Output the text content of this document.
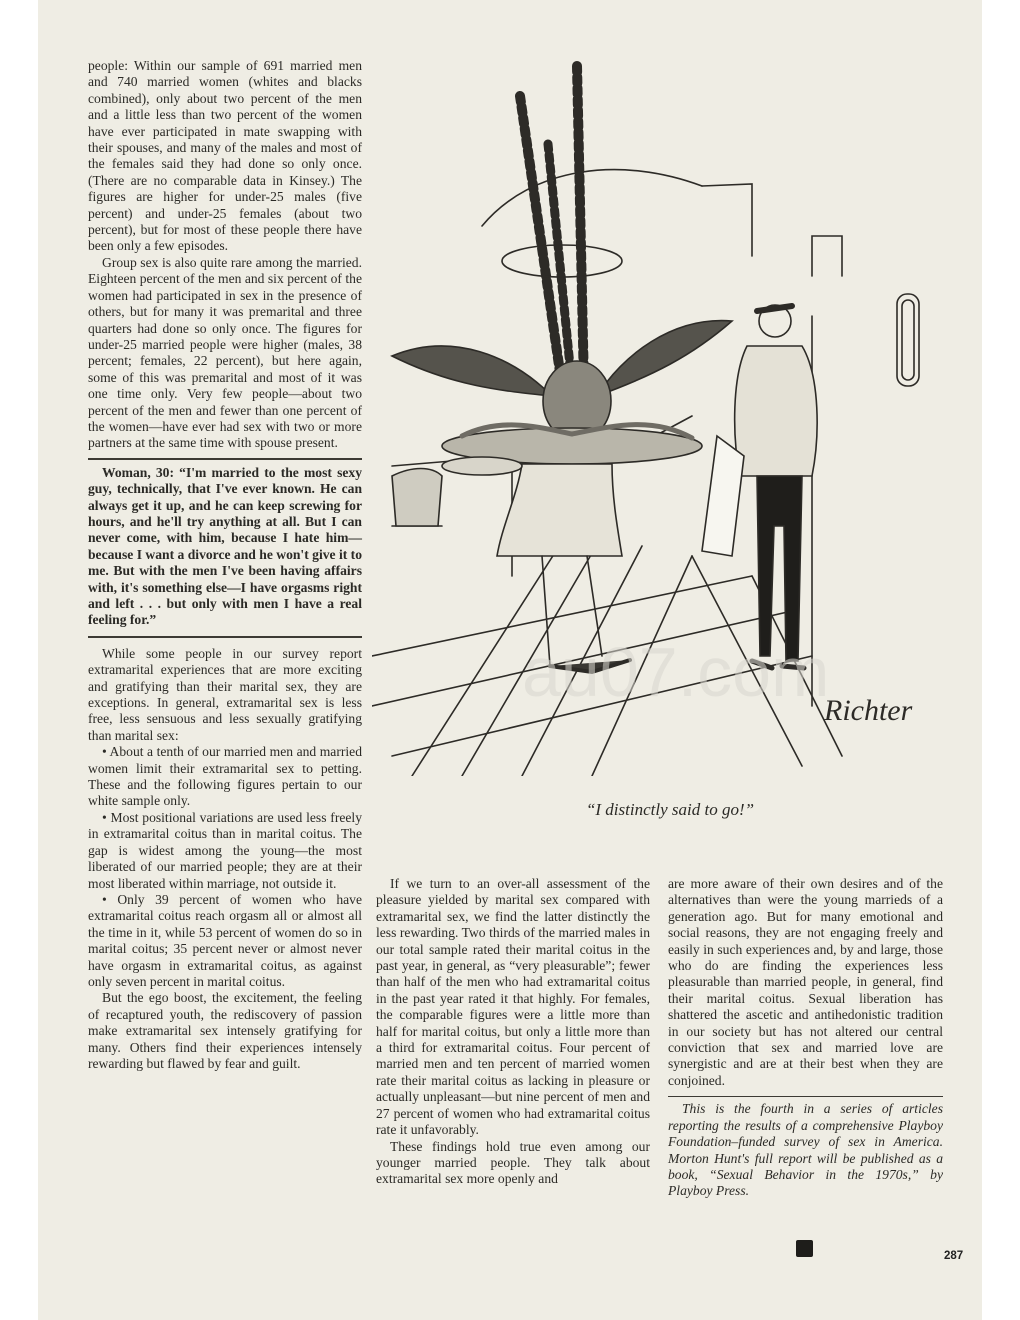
people: Within our sample of 691 married men and 740 married women (whites and blacks combined), only about two percent of the men and a little less than two percent of the women have ever participated in mate swapping with their spouses, and many of the males and most of the females said they had done so only once. (There are no comparable data in Kinsey.) The figures are higher for under-25 males (five percent) and under-25 females (about two percent), but for most of these people there have been only a few episodes.

Group sex is also quite rare among the married. Eighteen percent of the men and six percent of the women had participated in sex in the presence of others, but for many it was premarital and three quarters had done so only once. The figures for under-25 married people were higher (males, 38 percent; females, 22 percent), but here again, some of this was premarital and most of it was one time only. Very few people—about two percent of the men and fewer than one percent of the women—have ever had sex with two or more partners at the same time with spouse present.

Woman, 30: “I'm married to the most sexy guy, technically, that I've ever known. He can always get it up, and he can keep screwing for hours, and he'll try anything at all. But I can never come, with him, because I hate him—because I want a divorce and he won't give it to me. But with the men I've been having affairs with, it's something else—I have orgasms right and left . . . but only with men I have a real feeling for.”

While some people in our survey report extramarital experiences that are more exciting and gratifying than their marital sex, they are exceptions. In general, extramarital sex is less free, less sensuous and less sexually gratifying than marital sex:

• About a tenth of our married men and married women limit their extramarital sex to petting. These and the following figures pertain to our white sample only.

• Most positional variations are used less freely in extramarital coitus than in marital coitus. The gap is widest among the young—the most liberated of our married people; they are at their most liberated within marriage, not outside it.

• Only 39 percent of women who have extramarital coitus reach orgasm all or almost all the time in it, while 53 percent of women do so in marital coitus; 35 percent never or almost never have orgasm in extramarital coitus, as against only seven percent in marital coitus.

But the ego boost, the excitement, the feeling of recaptured youth, the rediscovery of passion make extramarital sex intensely gratifying for many. Others find their experiences intensely rewarding but flawed by fear and guilt.

Richter
au07.com
“I distinctly said to go!”

If we turn to an over-all assessment of the pleasure yielded by marital sex compared with extramarital sex, we find the latter distinctly the less rewarding. Two thirds of the married males in our total sample rated their marital coitus in the past year, in general, as “very pleasurable”; fewer than half of the men who had extramarital coitus in the past year rated it that highly. For females, the comparable figures were a little more than half for marital coitus, but only a little more than a third for extramarital coitus. Four percent of married men and ten percent of married women rate their marital coitus as lacking in pleasure or actually unpleasant—but nine percent of men and 27 percent of women who had extramarital coitus rate it unfavorably.

These findings hold true even among our younger married people. They talk about extramarital sex more openly and

are more aware of their own desires and of the alternatives than were the young marrieds of a generation ago. But for many emotional and social reasons, they are not engaging freely and easily in such experiences and, by and large, those who do are finding the experiences less pleasurable than married people, in general, find their marital coitus. Sexual liberation has shattered the ascetic and antihedonistic tradition in our society but has not altered our central conviction that sex and married love are synergistic and are at their best when they are conjoined.

This is the fourth in a series of articles reporting the results of a comprehensive Playboy Foundation–funded survey of sex in America. Morton Hunt's full report will be published as a book, “Sexual Behavior in the 1970s,” by Playboy Press.

287
